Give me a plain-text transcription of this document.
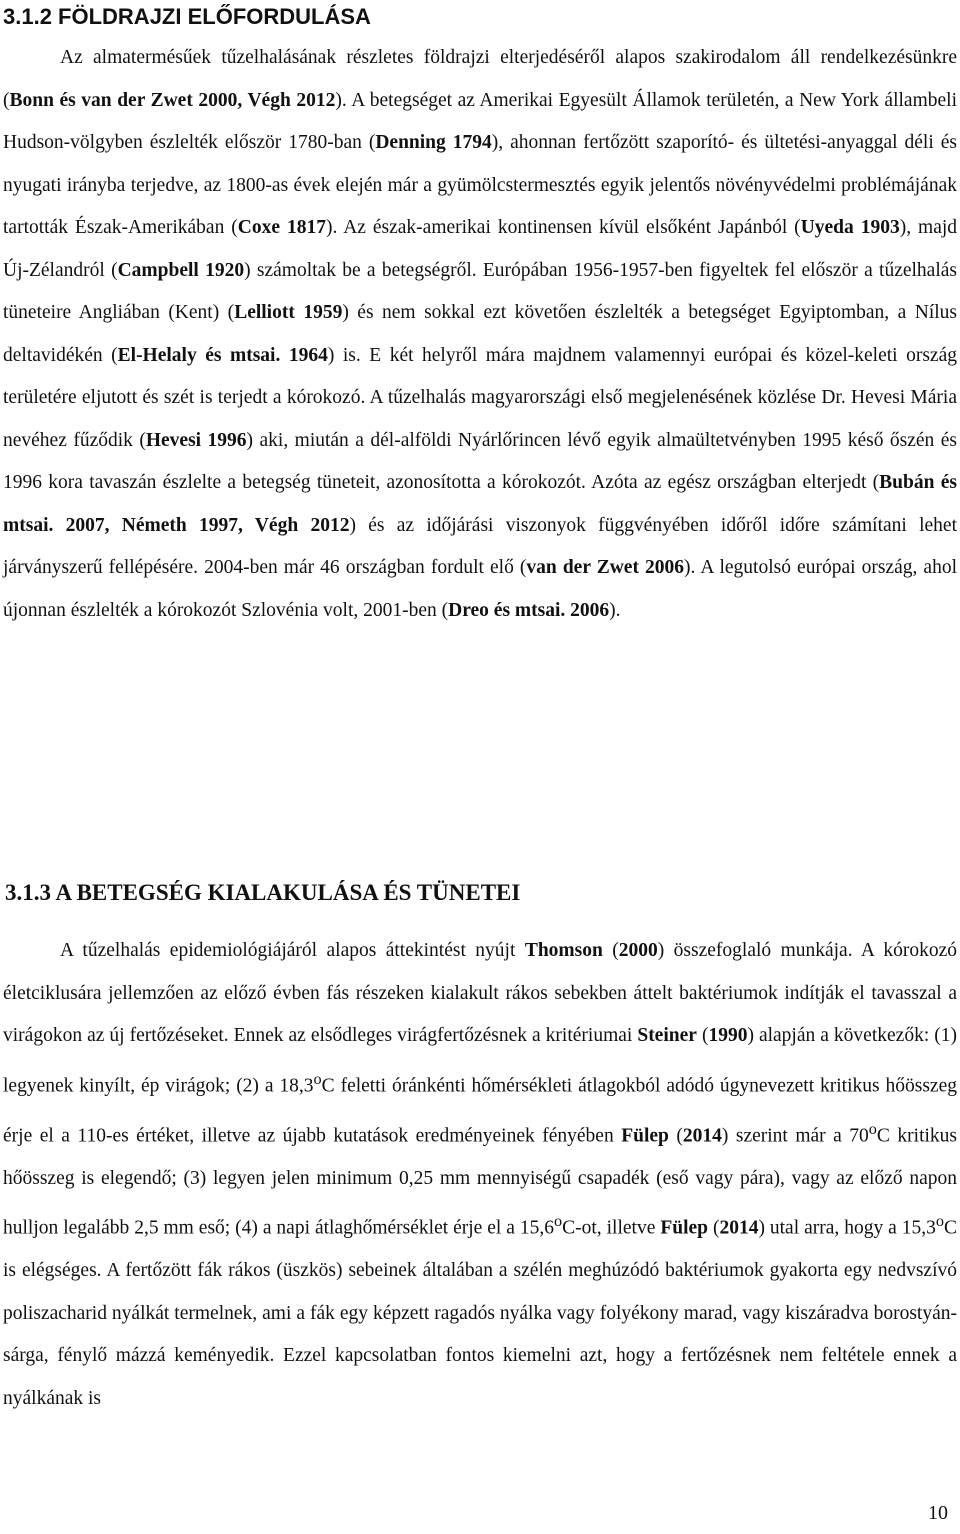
3.1.2 FÖLDRAJZI ELŐFORDULÁSA

Az almatermésűek tűzelhalásának részletes földrajzi elterjedéséről alapos szakirodalom áll rendelkezésünkre (Bonn és van der Zwet 2000, Végh 2012). A betegséget az Amerikai Egyesült Államok területén, a New York állambeli Hudson-völgyben észlelték először 1780-ban (Denning 1794), ahonnan fertőzött szaporító- és ültetési-anyaggal déli és nyugati irányba terjedve, az 1800-as évek elején már a gyümölcstermesztés egyik jelentős növényvédelmi problémájának tartották Észak-Amerikában (Coxe 1817). Az észak-amerikai kontinensen kívül elsőként Japánból (Uyeda 1903), majd Új-Zélandról (Campbell 1920) számoltak be a betegségről. Európában 1956-1957-ben figyeltek fel először a tűzelhalás tüneteire Angliában (Kent) (Lelliott 1959) és nem sokkal ezt követően észlelték a betegséget Egyiptomban, a Nílus deltavidékén (El-Helaly és mtsai. 1964) is. E két helyről mára majdnem valamennyi európai és közel-keleti ország területére eljutott és szét is terjedt a kórokozó. A tűzelhalás magyarországi első megjelenésének közlése Dr. Hevesi Mária nevéhez fűződik (Hevesi 1996) aki, miután a dél-alföldi Nyárlőrincen lévő egyik almaültetvényben 1995 késő őszén és 1996 kora tavaszán észlelte a betegség tüneteit, azonosította a kórokozót. Azóta az egész országban elterjedt (Bubán és mtsai. 2007, Németh 1997, Végh 2012) és az időjárási viszonyok függvényében időről időre számítani lehet járványszerű fellépésére. 2004-ben már 46 országban fordult elő (van der Zwet 2006). A legutolsó európai ország, ahol újonnan észlelték a kórokozót Szlovénia volt, 2001-ben (Dreo és mtsai. 2006).

3.1.3 A BETEGSÉG KIALAKULÁSA ÉS TÜNETEI

A tűzelhalás epidemiológiájáról alapos áttekintést nyújt Thomson (2000) összefoglaló munkája. A kórokozó életciklusára jellemzően az előző évben fás részeken kialakult rákos sebekben áttelt baktériumok indítják el tavasszal a virágokon az új fertőzéseket. Ennek az elsődleges virágfertőzésnek a kritériumai Steiner (1990) alapján a következők: (1) legyenek kinyílt, ép virágok; (2) a 18,3$^o$C feletti óránkénti hőmérsékleti átlagokból adódó úgynevezett kritikus hőösszeg érje el a 110-es értéket, illetve az újabb kutatások eredményeinek fényében Fülep (2014) szerint már a 70$^o$C kritikus hőösszeg is elegendő; (3) legyen jelen minimum 0,25 mm mennyiségű csapadék (eső vagy pára), vagy az előző napon hulljon legalább 2,5 mm eső; (4) a napi átlaghőmérséklet érje el a 15,6$^o$C-ot, illetve Fülep (2014) utal arra, hogy a 15,3$^o$C is elégséges. A fertőzött fák rákos (üszkös) sebeinek általában a szélén meghúzódó baktériumok gyakorta egy nedvszívó poliszacharid nyálkát termelnek, ami a fák egy képzett ragadós nyálka vagy folyékony marad, vagy kiszáradva borostyán-sárga, fénylő mázzá keményedik. Ezzel kapcsolatban fontos kiemelni azt, hogy a fertőzésnek nem feltétele ennek a nyálkának is

10
